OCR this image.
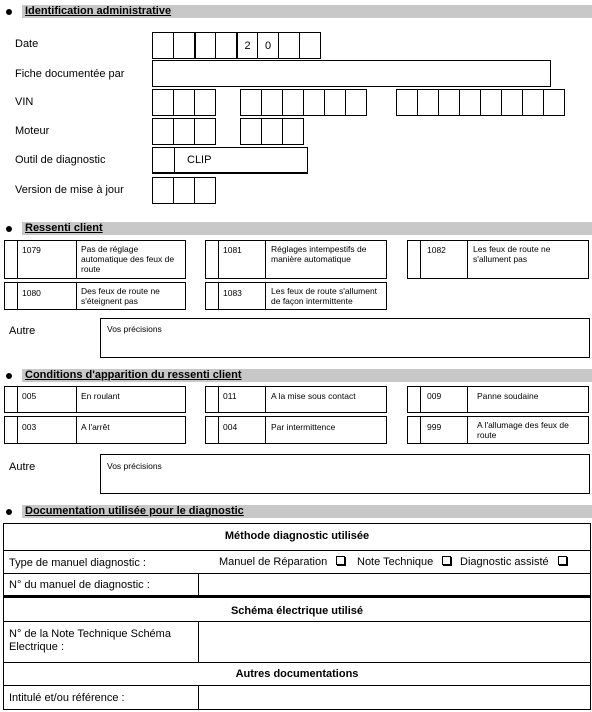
Identification administrative
Date	2	0
Fiche documentée par
VIN
Moteur
Outil de diagnostic	CLIP
Version de mise à jour
Ressenti client
1079	Pas de réglage automatique des feux de route
1081	Réglages intempestifs de manière automatique
1082	Les feux de route ne s'allument pas
1080	Des feux de route ne s'éteignent pas
1083	Les feux de route s'allument de façon intermittente
Autre	Vos précisions
Conditions d'apparition du ressenti client
005	En roulant	011	A la mise sous contact	009	Panne soudaine
003	A l'arrêt	004	Par intermittence	999	A l'allumage des feux de route
Autre	Vos précisions
Documentation utilisée pour le diagnostic
Méthode diagnostic utilisée
Type de manuel diagnostic :	Manuel de Réparation	Note Technique	Diagnostic assisté
N° du manuel de diagnostic :
Schéma électrique utilisé
N° de la Note Technique Schéma Electrique :
Autres documentations
Intitulé et/ou référence :
